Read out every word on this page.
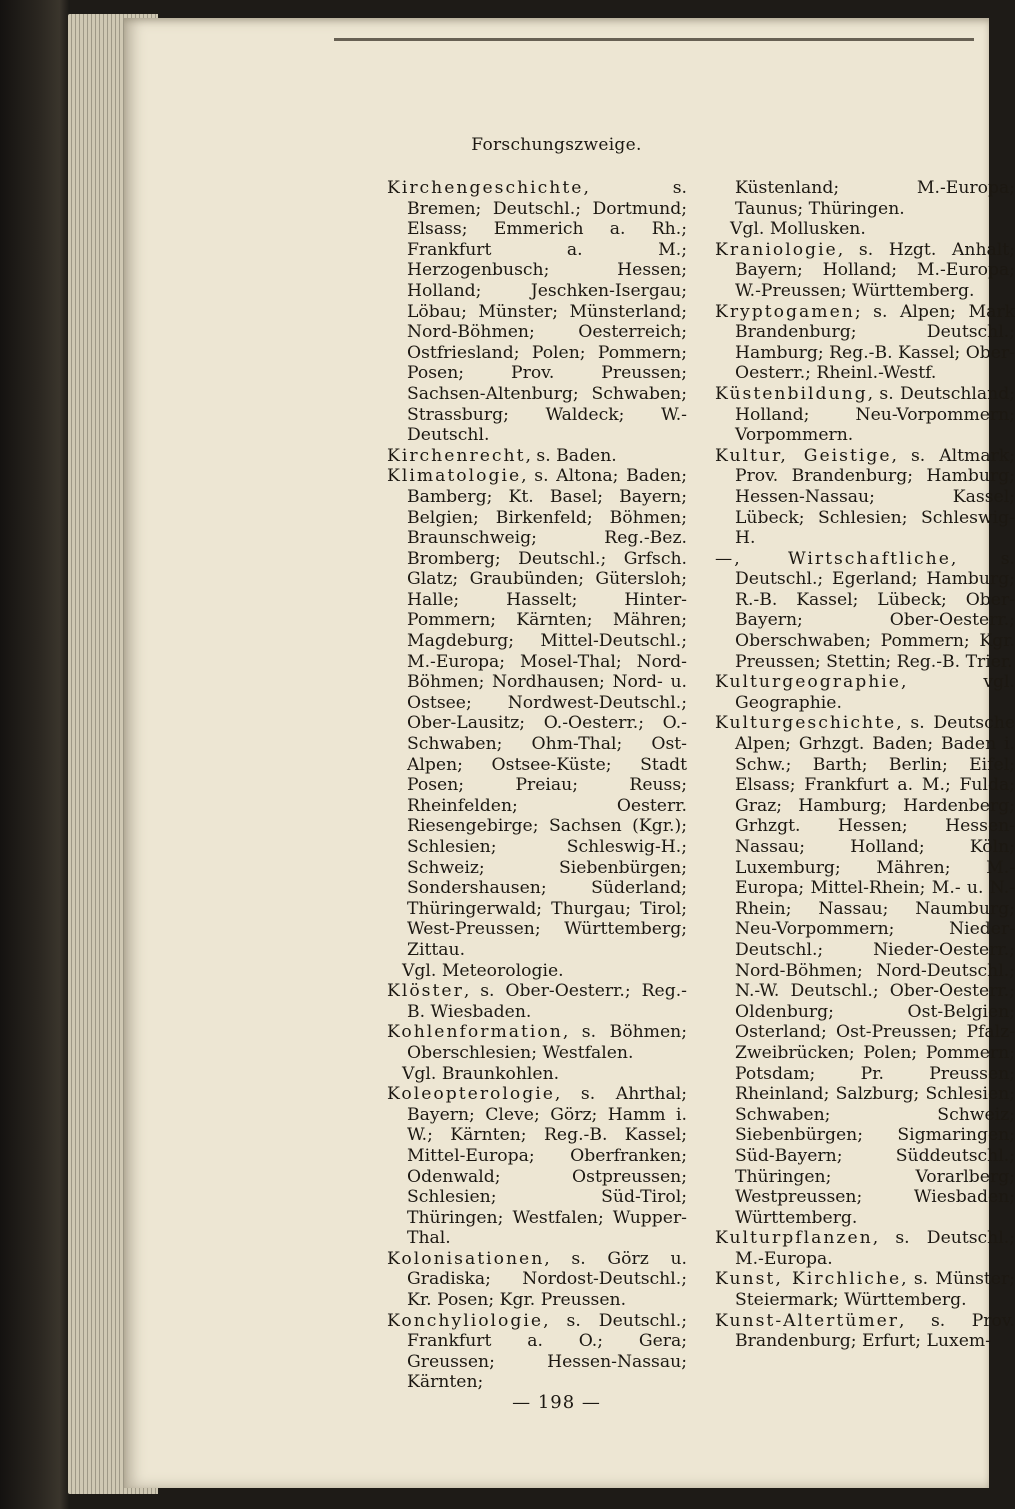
Forschungszweige.

Kirchengeschichte, s. Bremen; Deutschl.; Dortmund; Elsass; Emmerich a. Rh.; Frankfurt a. M.; Herzogenbusch; Hessen; Holland; Jeschken-Isergau; Löbau; Münster; Münsterland; Nord-Böhmen; Oesterreich; Ostfriesland; Polen; Pommern; Posen; Prov. Preussen; Sachsen-Altenburg; Schwaben; Strassburg; Waldeck; W.-Deutschl.

Kirchenrecht, s. Baden.

Klimatologie, s. Altona; Baden; Bamberg; Kt. Basel; Bayern; Belgien; Birkenfeld; Böhmen; Braunschweig; Reg.-Bez. Bromberg; Deutschl.; Grfsch. Glatz; Graubünden; Gütersloh; Halle; Hasselt; Hinter-Pommern; Kärnten; Mähren; Magdeburg; Mittel-Deutschl.; M.-Europa; Mosel-Thal; Nord-Böhmen; Nordhausen; Nord- u. Ostsee; Nordwest-Deutschl.; Ober-Lausitz; O.-Oesterr.; O.-Schwaben; Ohm-Thal; Ost-Alpen; Ostsee-Küste; Stadt Posen; Preiau; Reuss; Rheinfelden; Oesterr. Riesengebirge; Sachsen (Kgr.); Schlesien; Schleswig-H.; Schweiz; Siebenbürgen; Sondershausen; Süderland; Thüringerwald; Thurgau; Tirol; West-Preussen; Württemberg; Zittau.

Vgl. Meteorologie.

Klöster, s. Ober-Oesterr.; Reg.-B. Wiesbaden.

Kohlenformation, s. Böhmen; Oberschlesien; Westfalen.

Vgl. Braunkohlen.

Koleopterologie, s. Ahrthal; Bayern; Cleve; Görz; Hamm i. W.; Kärnten; Reg.-B. Kassel; Mittel-Europa; Oberfranken; Odenwald; Ostpreussen; Schlesien; Süd-Tirol; Thüringen; Westfalen; Wupper-Thal.

Kolonisationen, s. Görz u. Gradiska; Nordost-Deutschl.; Kr. Posen; Kgr. Preussen.

Konchyliologie, s. Deutschl.; Frankfurt a. O.; Gera; Greussen; Hessen-Nassau; Kärnten;

Küstenland; M.-Europa; Taunus; Thüringen.

Vgl. Mollusken.

Kraniologie, s. Hzgt. Anhalt; Bayern; Holland; M.-Europa; W.-Preussen; Württemberg.

Kryptogamen; s. Alpen; Mark Brandenburg; Deutschl.; Hamburg; Reg.-B. Kassel; Ober-Oesterr.; Rheinl.-Westf.

Küstenbildung, s. Deutschland; Holland; Neu-Vorpommern; Vorpommern.

Kultur, Geistige, s. Altmark; Prov. Brandenburg; Hamburg; Hessen-Nassau; Kassel; Lübeck; Schlesien; Schleswig-H.

—, Wirtschaftliche, s. Deutschl.; Egerland; Hamburg; R.-B. Kassel; Lübeck; Ober-Bayern; Ober-Oesterr.; Oberschwaben; Pommern; Kgr. Preussen; Stettin; Reg.-B. Trier.

Kulturgeographie, vgl. Geographie.

Kulturgeschichte, s. Deutsche Alpen; Grhzgt. Baden; Baden i. Schw.; Barth; Berlin; Eifel; Elsass; Frankfurt a. M.; Fulda; Graz; Hamburg; Hardenberg; Grhzgt. Hessen; Hessen-Nassau; Holland; Köln; Luxemburg; Mähren; M.-Europa; Mittel-Rhein; M.- u. N.-Rhein; Nassau; Naumburg; Neu-Vorpommern; Nieder-Deutschl.; Nieder-Oesterr.; Nord-Böhmen; Nord-Deutschl.; N.-W. Deutschl.; Ober-Oesterr.; Oldenburg; Ost-Belgien; Osterland; Ost-Preussen; Pfalz-Zweibrücken; Polen; Pommern; Potsdam; Pr. Preussen; Rheinland; Salzburg; Schlesien; Schwaben; Schweiz; Siebenbürgen; Sigmaringen; Süd-Bayern; Süddeutschl.; Thüringen; Vorarlberg; Westpreussen; Wiesbaden; Württemberg.

Kulturpflanzen, s. Deutschl.; M.-Europa.

Kunst, Kirchliche, s. Münster; Steiermark; Württemberg.

Kunst-Altertümer, s. Prov. Brandenburg; Erfurt; Luxem-

— 198 —
